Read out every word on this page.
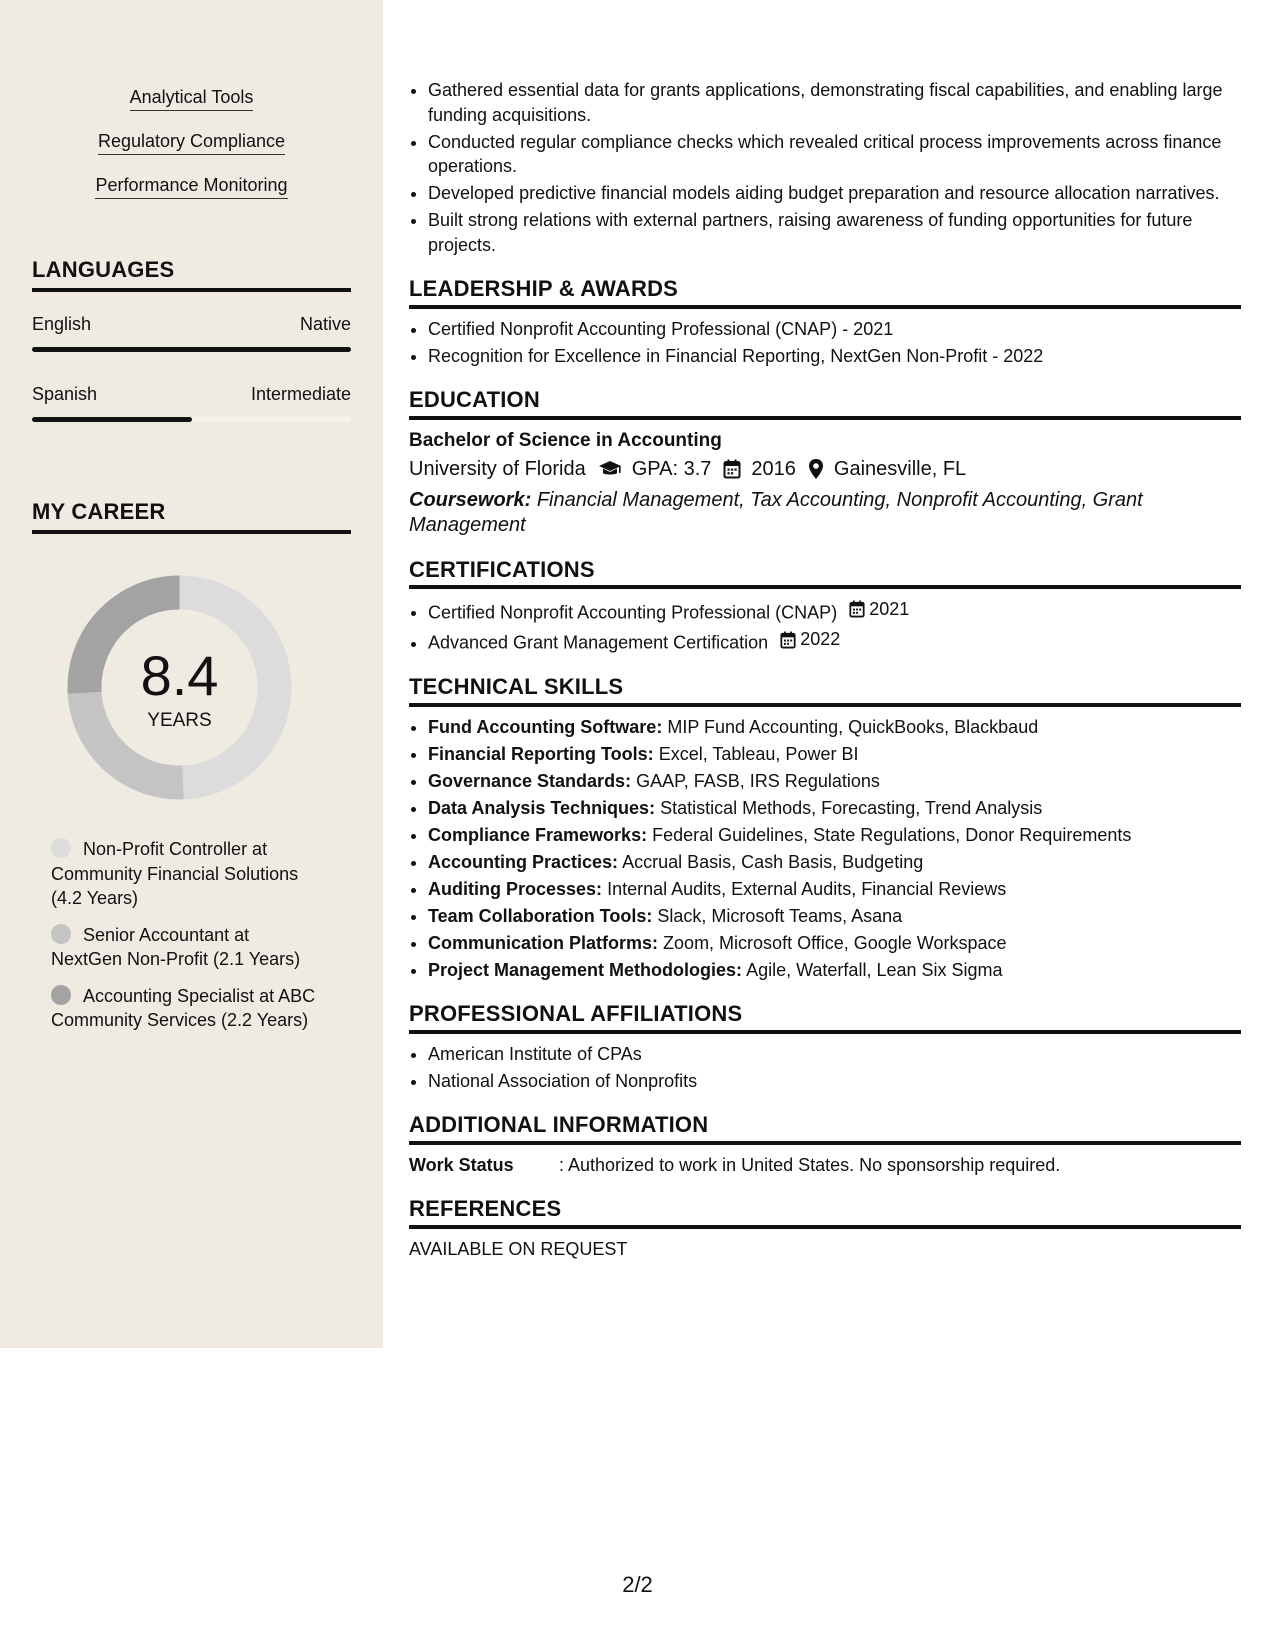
Analytical Tools
Regulatory Compliance
Performance Monitoring
LANGUAGES
English	Native
Spanish	Intermediate
MY CAREER
8.4
YEARS
Non-Profit Controller at Community Financial Solutions (4.2 Years)
Senior Accountant at NextGen Non-Profit (2.1 Years)
Accounting Specialist at ABC Community Services (2.2 Years)
• Gathered essential data for grants applications, demonstrating fiscal capabilities, and enabling large funding acquisitions.
• Conducted regular compliance checks which revealed critical process improvements across finance operations.
• Developed predictive financial models aiding budget preparation and resource allocation narratives.
• Built strong relations with external partners, raising awareness of funding opportunities for future projects.
LEADERSHIP & AWARDS
• Certified Nonprofit Accounting Professional (CNAP) - 2021
• Recognition for Excellence in Financial Reporting, NextGen Non-Profit - 2022
EDUCATION
Bachelor of Science in Accounting
University of Florida GPA: 3.7 2016 Gainesville, FL
Coursework: Financial Management, Tax Accounting, Nonprofit Accounting, Grant Management
CERTIFICATIONS
• Certified Nonprofit Accounting Professional (CNAP) 2021
• Advanced Grant Management Certification 2022
TECHNICAL SKILLS
• Fund Accounting Software: MIP Fund Accounting, QuickBooks, Blackbaud
• Financial Reporting Tools: Excel, Tableau, Power BI
• Governance Standards: GAAP, FASB, IRS Regulations
• Data Analysis Techniques: Statistical Methods, Forecasting, Trend Analysis
• Compliance Frameworks: Federal Guidelines, State Regulations, Donor Requirements
• Accounting Practices: Accrual Basis, Cash Basis, Budgeting
• Auditing Processes: Internal Audits, External Audits, Financial Reviews
• Team Collaboration Tools: Slack, Microsoft Teams, Asana
• Communication Platforms: Zoom, Microsoft Office, Google Workspace
• Project Management Methodologies: Agile, Waterfall, Lean Six Sigma
PROFESSIONAL AFFILIATIONS
• American Institute of CPAs
• National Association of Nonprofits
ADDITIONAL INFORMATION
Work Status	: Authorized to work in United States. No sponsorship required.
REFERENCES
AVAILABLE ON REQUEST
2/2
